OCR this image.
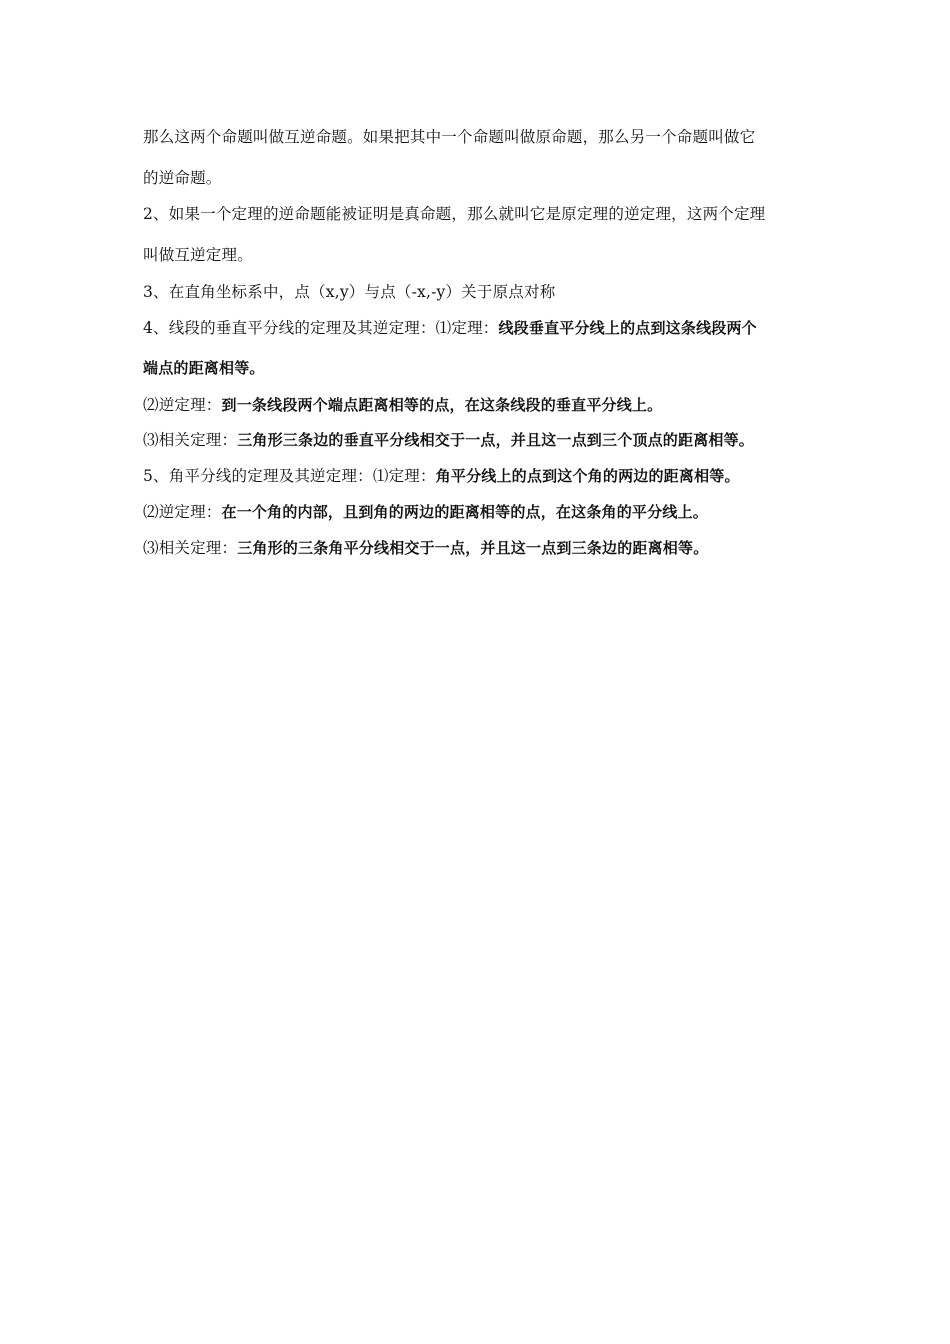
那么这两个命题叫做互逆命题。如果把其中一个命题叫做原命题，那么另一个命题叫做它
的逆命题。
2、如果一个定理的逆命题能被证明是真命题，那么就叫它是原定理的逆定理，这两个定理
叫做互逆定理。
3、在直角坐标系中，点（x,y）与点（-x,-y）关于原点对称
4、线段的垂直平分线的定理及其逆定理：⑴定理：线段垂直平分线上的点到这条线段两个
端点的距离相等。
⑵逆定理：到一条线段两个端点距离相等的点，在这条线段的垂直平分线上。
⑶相关定理：三角形三条边的垂直平分线相交于一点，并且这一点到三个顶点的距离相等。
5、角平分线的定理及其逆定理：⑴定理：角平分线上的点到这个角的两边的距离相等。
⑵逆定理：在一个角的内部，且到角的两边的距离相等的点，在这条角的平分线上。
⑶相关定理：三角形的三条角平分线相交于一点，并且这一点到三条边的距离相等。
